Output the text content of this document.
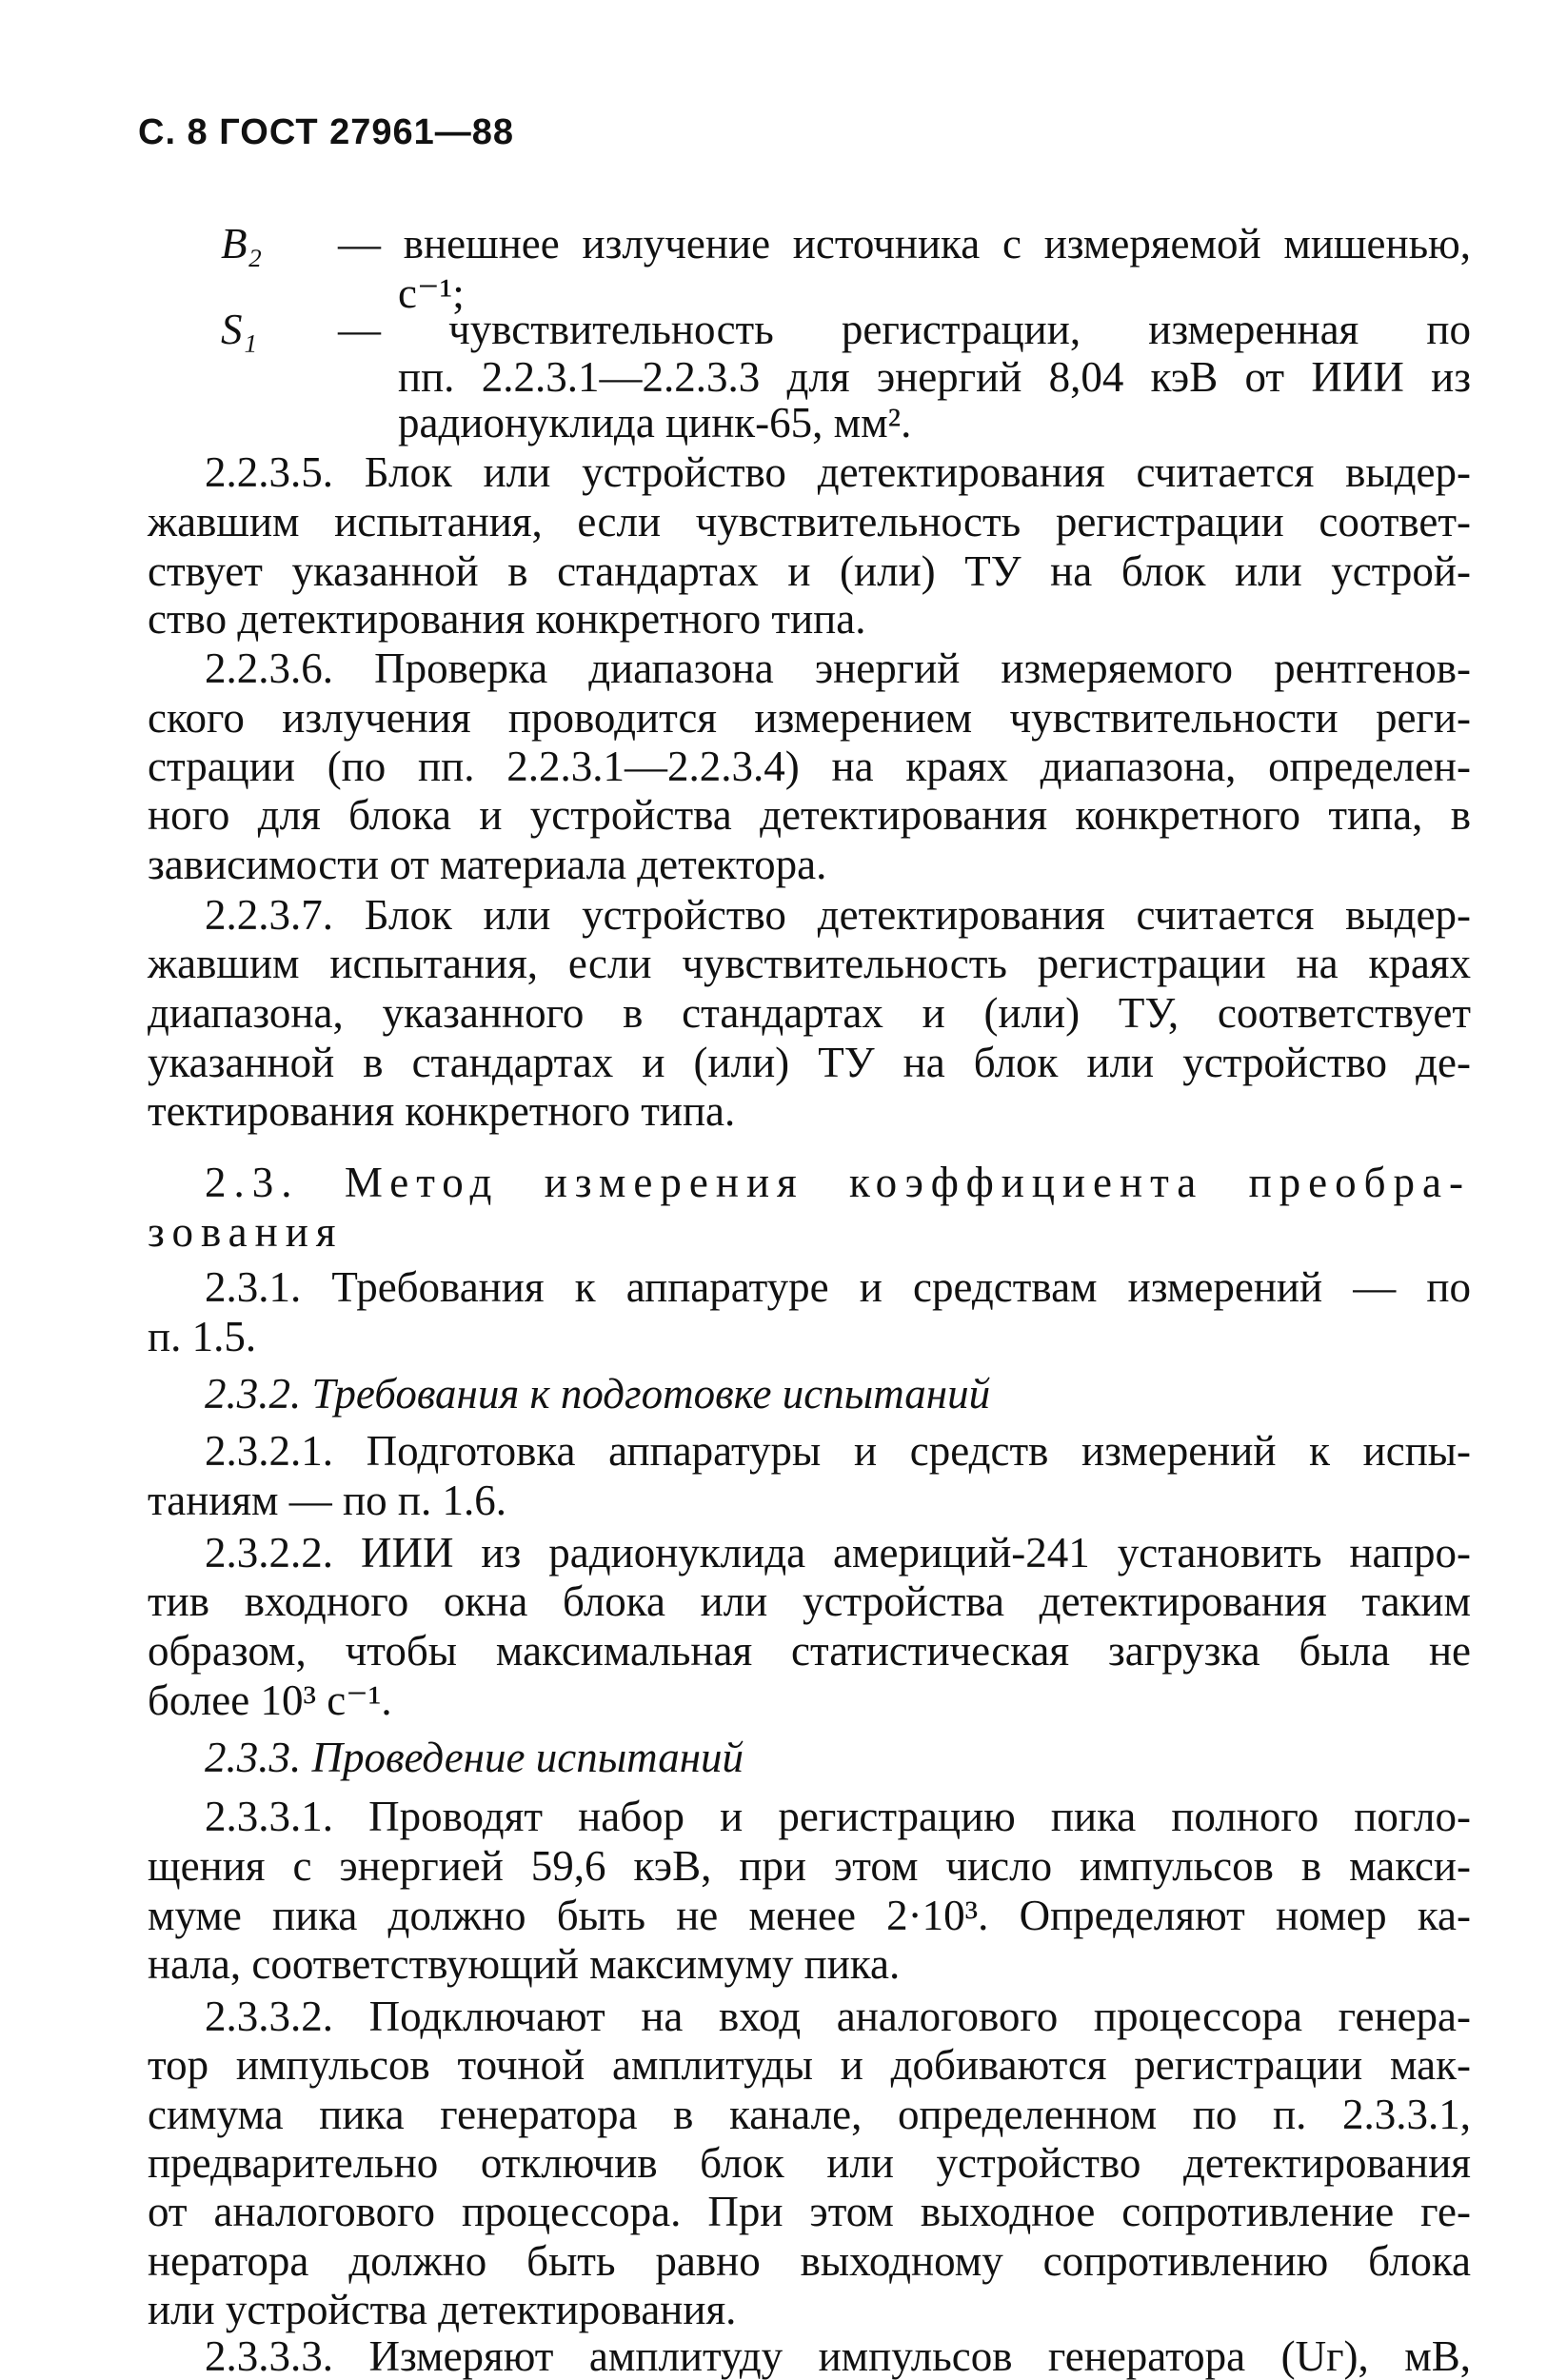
С. 8 ГОСТ 27961—88
B₂ — внешнее излучение источника с измеряемой мишенью,
с⁻¹;
S₁ — чувствительность регистрации, измеренная по
пп. 2.2.3.1—2.2.3.3 для энергий 8,04 кэВ от ИИИ из
радионуклида цинк-65, мм².
2.2.3.5. Блок или устройство детектирования считается выдер-
жавшим испытания, если чувствительность регистрации соответ-
ствует указанной в стандартах и (или) ТУ на блок или устрой-
ство детектирования конкретного типа.
2.2.3.6. Проверка диапазона энергий измеряемого рентгенов-
ского излучения проводится измерением чувствительности реги-
страции (по пп. 2.2.3.1—2.2.3.4) на краях диапазона, определен-
ного для блока и устройства детектирования конкретного типа, в
зависимости от материала детектора.
2.2.3.7. Блок или устройство детектирования считается выдер-
жавшим испытания, если чувствительность регистрации на краях
диапазона, указанного в стандартах и (или) ТУ, соответствует
указанной в стандартах и (или) ТУ на блок или устройство де-
тектирования конкретного типа.
2.3. Метод измерения коэффициента преобра-
зования
2.3.1. Требования к аппаратуре и средствам измерений — по
п. 1.5.
2.3.2. Требования к подготовке испытаний
2.3.2.1. Подготовка аппаратуры и средств измерений к испы-
таниям — по п. 1.6.
2.3.2.2. ИИИ из радионуклида америций-241 установить напро-
тив входного окна блока или устройства детектирования таким
образом, чтобы максимальная статистическая загрузка была не
более 10³ с⁻¹.
2.3.3. Проведение испытаний
2.3.3.1. Проводят набор и регистрацию пика полного погло-
щения с энергией 59,6 кэВ, при этом число импульсов в макси-
муме пика должно быть не менее 2·10³. Определяют номер ка-
нала, соответствующий максимуму пика.
2.3.3.2. Подключают на вход аналогового процессора генера-
тор импульсов точной амплитуды и добиваются регистрации мак-
симума пика генератора в канале, определенном по п. 2.3.3.1,
предварительно отключив блок или устройство детектирования
от аналогового процессора. При этом выходное сопротивление ге-
нератора должно быть равно выходному сопротивлению блока
или устройства детектирования.
2.3.3.3. Измеряют амплитуду импульсов генератора (Uг), мВ,
